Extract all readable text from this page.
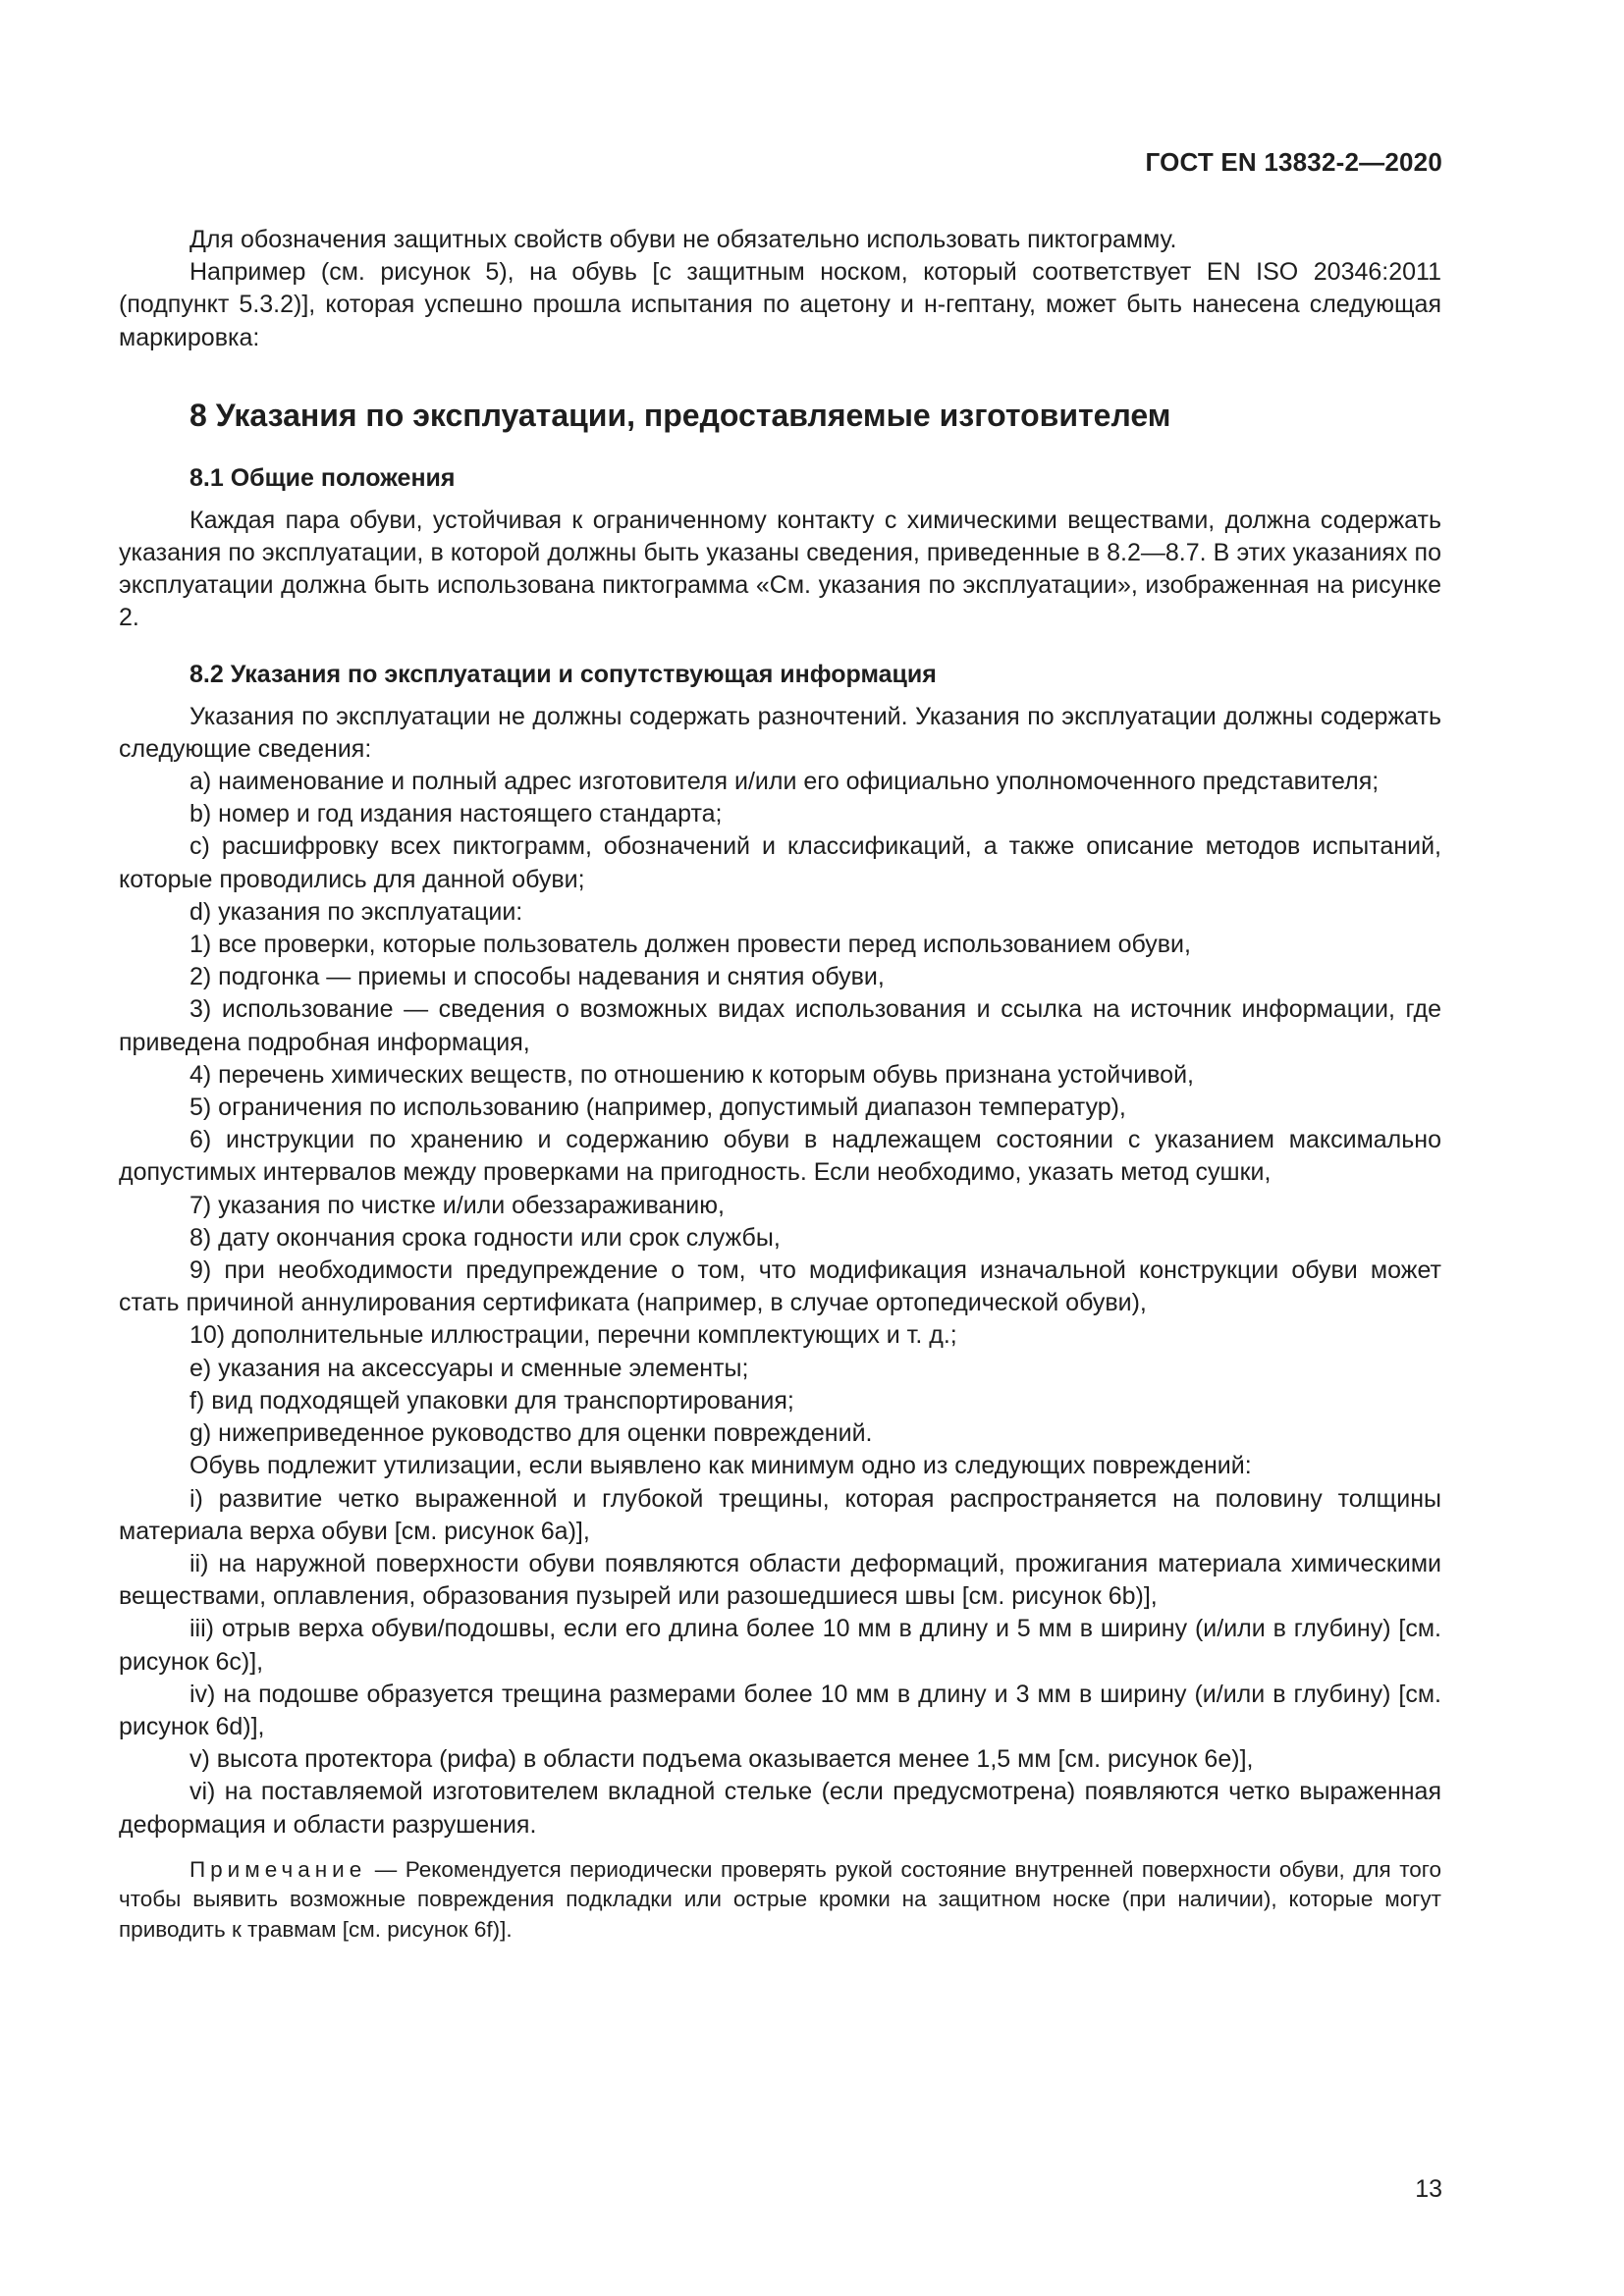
ГОСТ EN 13832-2—2020

Для обозначения защитных свойств обуви не обязательно использовать пиктограмму.

Например (см. рисунок 5), на обувь [с защитным носком, который соответствует EN ISO 20346:2011 (подпункт 5.3.2)], которая успешно прошла испытания по ацетону и н-гептану, может быть нанесена следующая маркировка:

8 Указания по эксплуатации, предоставляемые изготовителем
8.1 Общие положения

Каждая пара обуви, устойчивая к ограниченному контакту с химическими веществами, должна содержать указания по эксплуатации, в которой должны быть указаны сведения, приведенные в 8.2—8.7. В этих указаниях по эксплуатации должна быть использована пиктограмма «См. указания по эксплуатации», изображенная на рисунке 2.

8.2 Указания по эксплуатации и сопутствующая информация

Указания по эксплуатации не должны содержать разночтений. Указания по эксплуатации должны содержать следующие сведения:

a) наименование и полный адрес изготовителя и/или его официально уполномоченного представителя;

b) номер и год издания настоящего стандарта;

c) расшифровку всех пиктограмм, обозначений и классификаций, а также описание методов испытаний, которые проводились для данной обуви;

d) указания по эксплуатации:

1) все проверки, которые пользователь должен провести перед использованием обуви,

2) подгонка — приемы и способы надевания и снятия обуви,

3) использование — сведения о возможных видах использования и ссылка на источник информации, где приведена подробная информация,

4) перечень химических веществ, по отношению к которым обувь признана устойчивой,

5) ограничения по использованию (например, допустимый диапазон температур),

6) инструкции по хранению и содержанию обуви в надлежащем состоянии с указанием максимально допустимых интервалов между проверками на пригодность. Если необходимо, указать метод сушки,

7) указания по чистке и/или обеззараживанию,

8) дату окончания срока годности или срок службы,

9) при необходимости предупреждение о том, что модификация изначальной конструкции обуви может стать причиной аннулирования сертификата (например, в случае ортопедической обуви),

10) дополнительные иллюстрации, перечни комплектующих и т. д.;

e) указания на аксессуары и сменные элементы;

f) вид подходящей упаковки для транспортирования;

g) нижеприведенное руководство для оценки повреждений.

Обувь подлежит утилизации, если выявлено как минимум одно из следующих повреждений:

i) развитие четко выраженной и глубокой трещины, которая распространяется на половину толщины материала верха обуви [см. рисунок 6а)],

ii) на наружной поверхности обуви появляются области деформаций, прожигания материала химическими веществами, оплавления, образования пузырей или разошедшиеся швы [см. рисунок 6b)],

iii) отрыв верха обуви/подошвы, если его длина более 10 мм в длину и 5 мм в ширину (и/или в глубину) [см. рисунок 6c)],

iv) на подошве образуется трещина размерами более 10 мм в длину и 3 мм в ширину (и/или в глубину) [см. рисунок 6d)],

v) высота протектора (рифа) в области подъема оказывается менее 1,5 мм [см. рисунок 6е)],

vi) на поставляемой изготовителем вкладной стельке (если предусмотрена) появляются четко выраженная деформация и области разрушения.

Примечание — Рекомендуется периодически проверять рукой состояние внутренней поверхности обуви, для того чтобы выявить возможные повреждения подкладки или острые кромки на защитном носке (при наличии), которые могут приводить к травмам [см. рисунок 6f)].

13
